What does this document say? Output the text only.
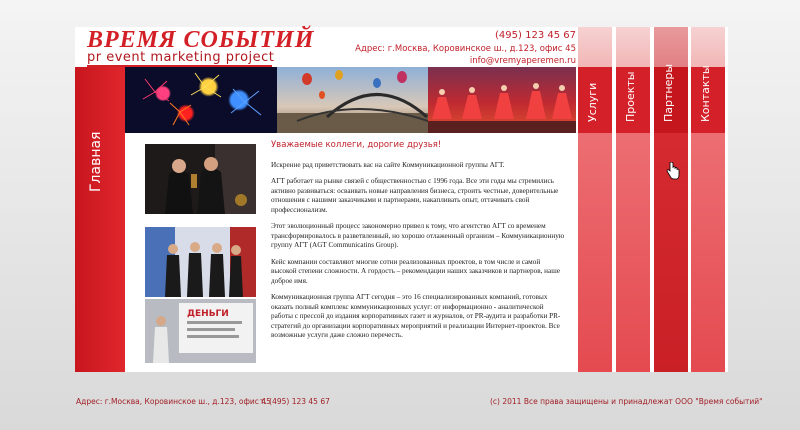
ВРЕМЯ СОБЫТИЙ
pr event marketing project
(495) 123 45 67
Адрес: г.Москва, Коровинское ш., д.123, офис 45
info@vremyaperemen.ru
Главная
Услуги Проекты Партнеры Контакты
ДЕНЬГИ
Уважаемые коллеги, дорогие друзья!

Искренне рад приветствовать вас на сайте Коммуникационной группы АГТ.

АГТ работает на рынке связей с общественностью с 1996 года. Все эти годы мы стремились активно развиваться: осваивать новые направления бизнеса, строить честные, доверительные отношения с нашими заказчиками и партнерами, накапливать опыт, оттачивать свой профессионализм.

Этот эволюционный процесс закономерно привел к тому, что агентство АГТ со временем трансформировалось в разветвленный, но хорошо отлаженный организм – Коммуникационную группу АГТ (AGT Communicatins Group).

Кейс компании составляют многие сотни реализованных проектов, в том числе и самой высокой степени сложности. А гордость – рекомендации наших заказчиков и партнеров, наше доброе имя.

Коммуникационная группа АГТ сегодня – это 16 специализированных компаний, готовых оказать полный комплекс коммуникационных услуг: от информационно - аналитической работы с прессой до издания корпоративных газет и журналов, от PR-аудита и разработки PR-стратегий до организации корпоративных мероприятий и реализации Интернет-проектов. Все возможные услуги даже сложно перечесть.

Адрес: г.Москва, Коровинское ш., д.123, офис 45
т. (495) 123 45 67	(c) 2011 Все права защищены и принадлежат ООО "Время событий"
